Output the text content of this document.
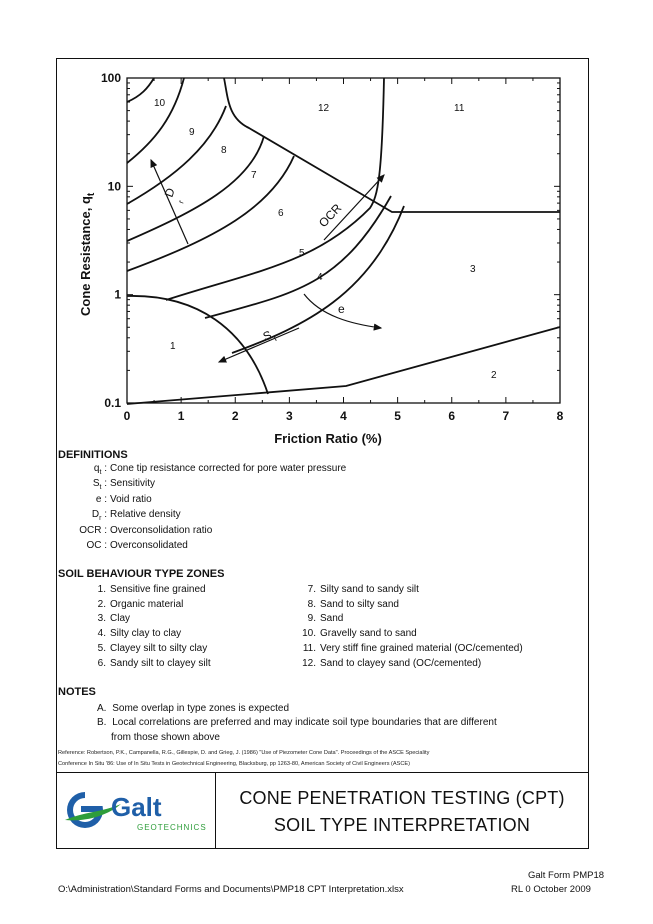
1
2
3
4
5
6
7
8
9
10	11
12
D
r	OCR
e
S
t
0	1	2	3	4	5	6	7	8
100
10
1
0.1
Friction Ratio (%)
Cone Resistance, $q_t$
DEFINITIONS
$q_t$ : Cone tip resistance corrected for pore water pressure
$S_t$ : Sensitivity
e : Void ratio
$D_r$ : Relative density
OCR : Overconsolidation ratio
OC : Overconsolidated
SOIL BEHAVIOUR TYPE ZONES
1. Sensitive fine grained
2. Organic material
3. Clay
4. Silty clay to clay
5. Clayey silt to silty clay
6. Sandy silt to clayey silt
7. Silty sand to sandy silt
8. Sand to silty sand
9. Sand
10. Gravelly sand to sand
11. Very stiff fine grained material (OC/cemented)
12. Sand to clayey sand (OC/cemented)
NOTES
A. Some overlap in type zones is expected
B. Local correlations are preferred and may indicate soil type boundaries that are different
from those shown above
Reference: Robertson, P.K., Campanella, R.G., Gillespie, D. and Grieg, J. (1986) "Use of Piezometer Cone Data". Proceedings of the ASCE Speciality
Conference In Situ '86: Use of In Situ Tests in Geotechnical Engineering, Blacksburg, pp 1263-80, American Society of Civil Engineers (ASCE)
Galt
GEOTECHNICS
CONE PENETRATION TESTING (CPT)
SOIL TYPE INTERPRETATION
O:\Administration\Standard Forms and Documents\PMP18 CPT Interpretation.xlsx
Galt Form PMP18
RL 0 October 2009
